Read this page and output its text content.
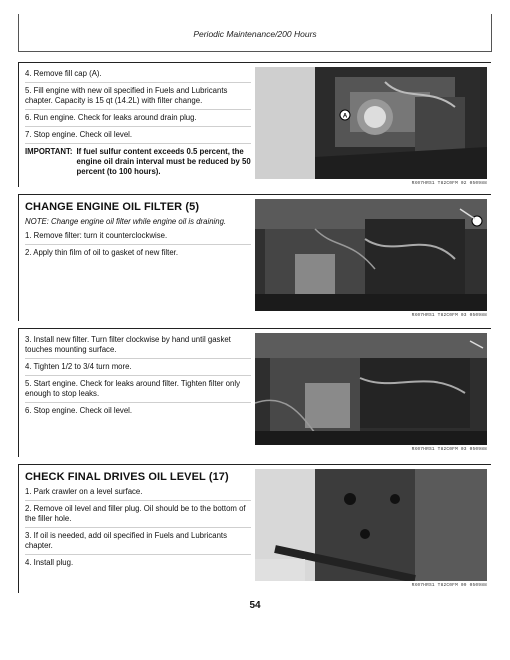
Periodic Maintenance/200 Hours

4. Remove fill cap (A).

5. Fill engine with new oil specified in Fuels and Lubricants chapter. Capacity is 15 qt (14.2L) with filter change.

6. Run engine. Check for leaks around drain plug.

7. Stop engine. Check oil level.

IMPORTANT: If fuel sulfur content exceeds 0.5 percent, the engine oil drain interval must be reduced by 50 percent (to 100 hours).
A
RX07HRS1 T82C0FM 02 050988
CHANGE ENGINE OIL FILTER (5)

NOTE: Change engine oil filter while engine oil is draining.

1. Remove filter: turn it counterclockwise.

2. Apply thin film of oil to gasket of new filter.

RX07HRS1 T82C0FM 03 050988

3. Install new filter. Turn filter clockwise by hand until gasket touches mounting surface.

4. Tighten 1/2 to 3/4 turn more.

5. Start engine. Check for leaks around filter. Tighten filter only enough to stop leaks.

6. Stop engine. Check oil level.

RX07HRS1 T82C0FM 03 050988
CHECK FINAL DRIVES OIL LEVEL (17)

1. Park crawler on a level surface.

2. Remove oil level and filler plug. Oil should be to the bottom of the filler hole.

3. If oil is needed, add oil specified in Fuels and Lubricants chapter.

4. Install plug.

RX07HRS1 T82C0FM 09 050988
54
